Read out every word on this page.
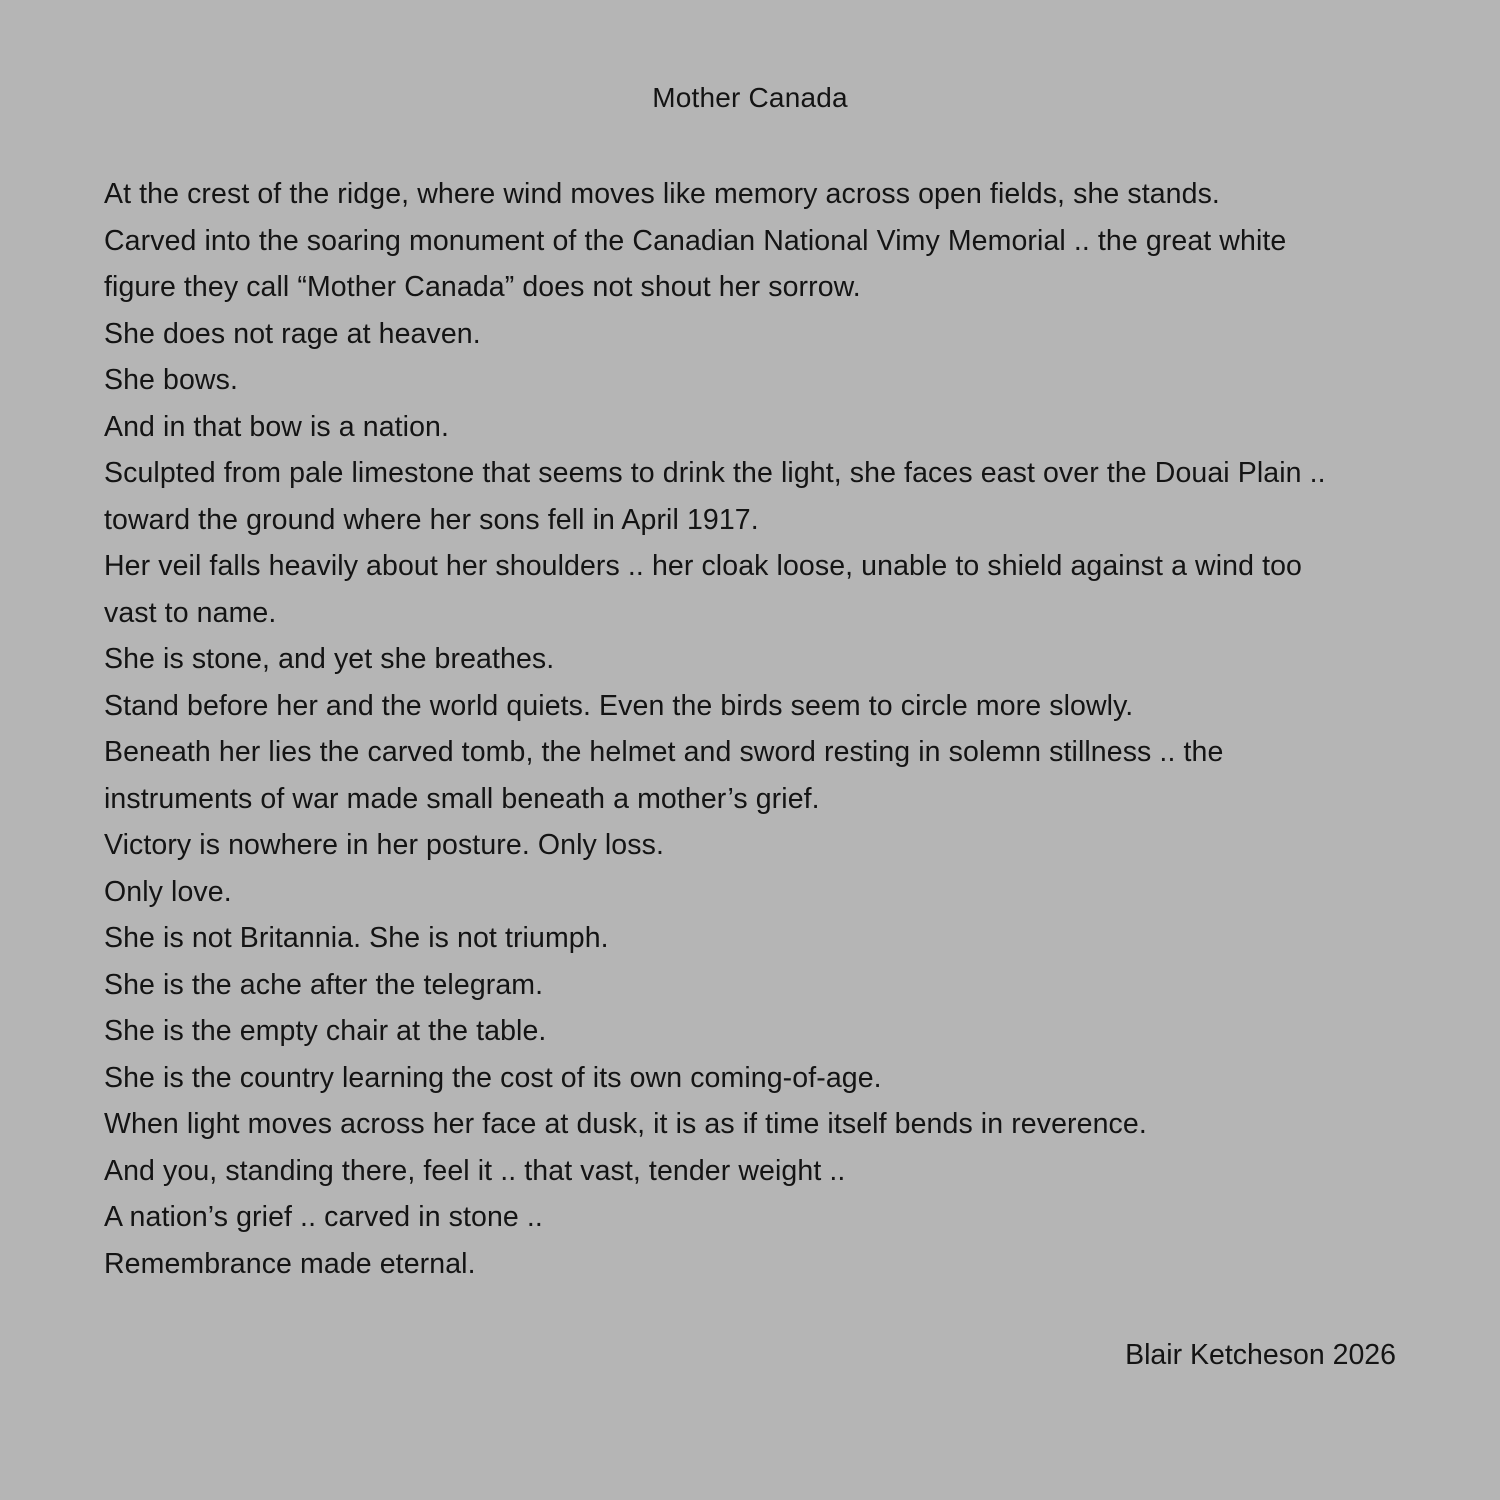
Mother Canada
At the crest of the ridge, where wind moves like memory across open fields, she stands.
Carved into the soaring monument of the Canadian National Vimy Memorial .. the great white
figure they call “Mother Canada” does not shout her sorrow.
She does not rage at heaven.
She bows.
And in that bow is a nation.
Sculpted from pale limestone that seems to drink the light, she faces east over the Douai Plain ..
toward the ground where her sons fell in April 1917.
Her veil falls heavily about her shoulders .. her cloak loose, unable to shield against a wind too
vast to name.
She is stone, and yet she breathes.
Stand before her and the world quiets. Even the birds seem to circle more slowly.
Beneath her lies the carved tomb, the helmet and sword resting in solemn stillness .. the
instruments of war made small beneath a mother’s grief.
Victory is nowhere in her posture. Only loss.
Only love.
She is not Britannia. She is not triumph.
She is the ache after the telegram.
She is the empty chair at the table.
She is the country learning the cost of its own coming-of-age.
When light moves across her face at dusk, it is as if time itself bends in reverence.
And you, standing there, feel it .. that vast, tender weight ..
A nation’s grief .. carved in stone ..
Remembrance made eternal.
Blair Ketcheson 2026
